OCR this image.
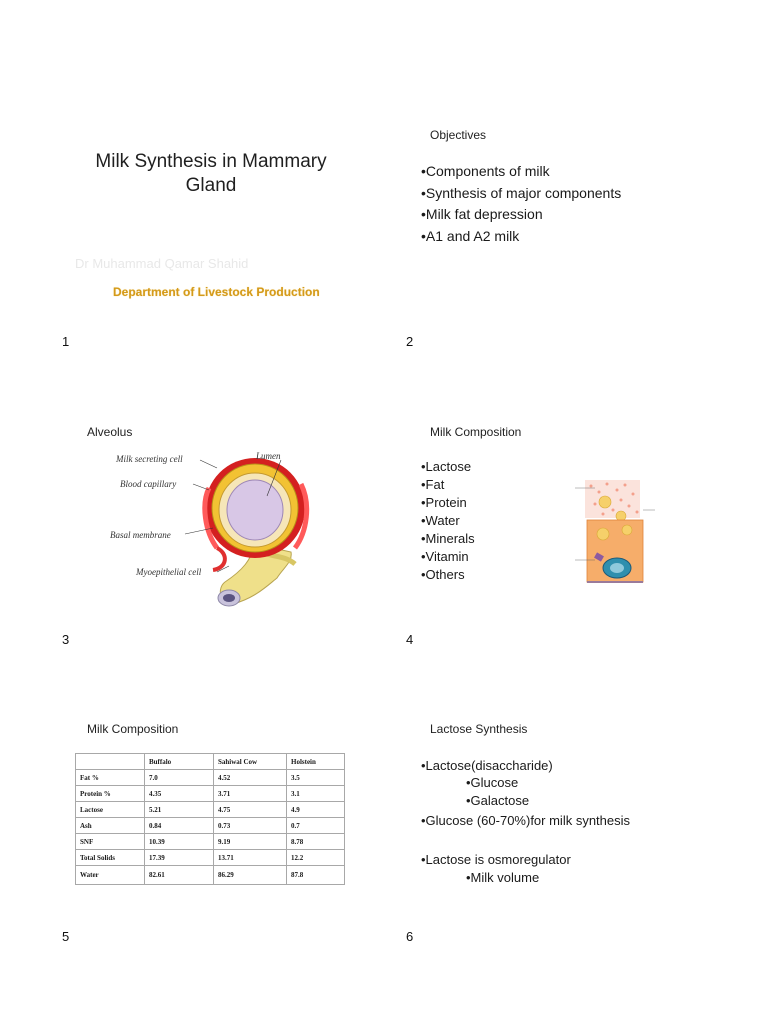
Milk Synthesis in Mammary
Gland
Dr Muhammad Qamar Shahid
Department of Livestock Production
1
Objectives
•Components of milk
•Synthesis of major components
•Milk fat depression
•A1 and A2 milk
2
Alveolus
Lumen
Milk secreting cell
Blood capillary
Basal membrane
Myoepithelial cell
3
Milk Composition
•Lactose
•Fat
•Protein
•Water
•Minerals
•Vitamin
•Others
4
Milk Composition
	Buffalo	Sahiwal Cow	Holstein
Fat %	7.0	4.52	3.5
Protein %	4.35	3.71	3.1
Lactose	5.21	4.75	4.9
Ash	0.84	0.73	0.7
SNF	10.39	9.19	8.78
Total Solids	17.39	13.71	12.2
Water	82.61	86.29	87.8
5
Lactose Synthesis
•Lactose(disaccharide)
•Glucose
•Galactose
•Glucose (60-70%)for milk synthesis
•Lactose is osmoregulator
•Milk volume
6
